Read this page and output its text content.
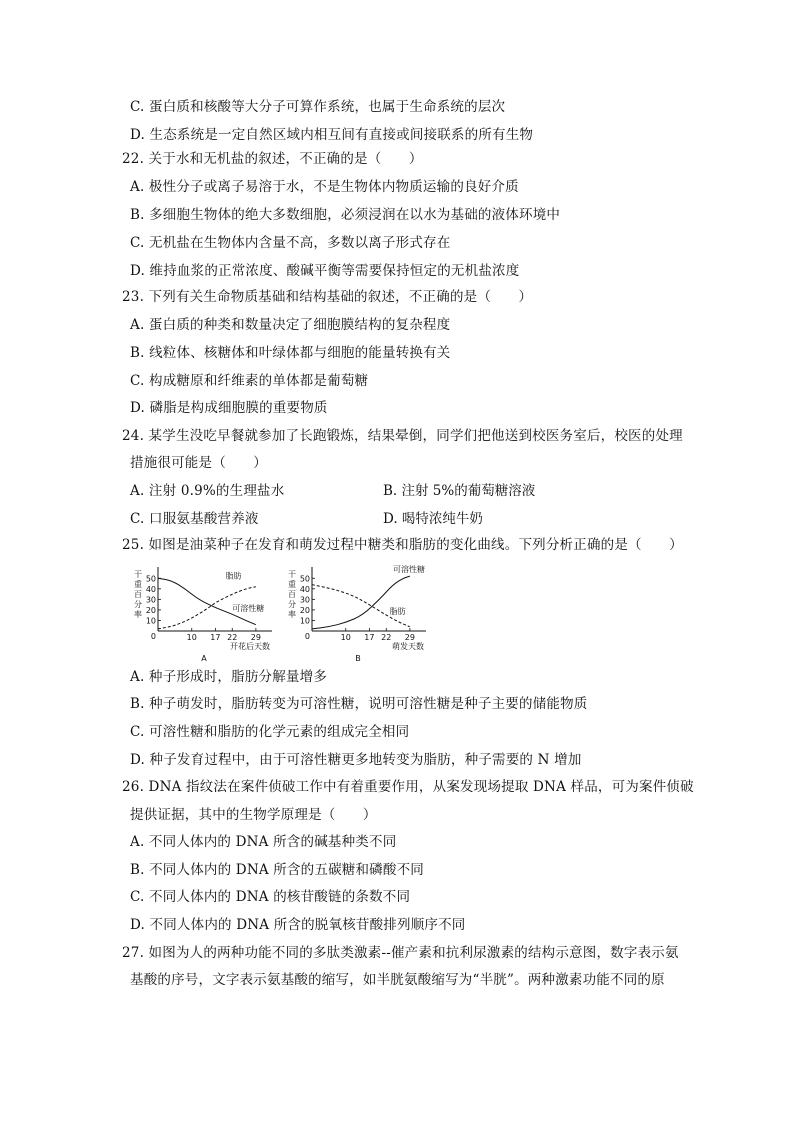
C. 蛋白质和核酸等大分子可算作系统，也属于生命系统的层次
D. 生态系统是一定自然区域内相互间有直接或间接联系的所有生物
22. 关于水和无机盐的叙述，不正确的是（　　）
A. 极性分子或离子易溶于水，不是生物体内物质运输的良好介质
B. 多细胞生物体的绝大多数细胞，必须浸润在以水为基础的液体环境中
C. 无机盐在生物体内含量不高，多数以离子形式存在
D. 维持血浆的正常浓度、酸碱平衡等需要保持恒定的无机盐浓度
23. 下列有关生命物质基础和结构基础的叙述，不正确的是（　　）
A. 蛋白质的种类和数量决定了细胞膜结构的复杂程度
B. 线粒体、核糖体和叶绿体都与细胞的能量转换有关
C. 构成糖原和纤维素的单体都是葡萄糖
D. 磷脂是构成细胞膜的重要物质
24. 某学生没吃早餐就参加了长跑锻炼，结果晕倒，同学们把他送到校医务室后，校医的处理
措施很可能是（　　）
A. 注射 0.9%的生理盐水	B. 注射 5%的葡萄糖溶液
C. 口服氨基酸营养液	D. 喝特浓纯牛奶
25. 如图是油菜种子在发育和萌发过程中糖类和脂肪的变化曲线。下列分析正确的是（　　）
10
20
30
40
50
干
重
百
分
率
0	10 17 22 29
开花后天数
A
脂肪
可溶性糖
10
20
30
40
50
干
重
百
分
率
0	10 17 22 29
萌发天数
B
可溶性糖
脂肪
A. 种子形成时，脂肪分解量增多
B. 种子萌发时，脂肪转变为可溶性糖，说明可溶性糖是种子主要的储能物质
C. 可溶性糖和脂肪的化学元素的组成完全相同
D. 种子发育过程中，由于可溶性糖更多地转变为脂肪，种子需要的 N 增加
26. DNA 指纹法在案件侦破工作中有着重要作用，从案发现场提取 DNA 样品，可为案件侦破
提供证据，其中的生物学原理是（　　）
A. 不同人体内的 DNA 所含的碱基种类不同
B. 不同人体内的 DNA 所含的五碳糖和磷酸不同
C. 不同人体内的 DNA 的核苷酸链的条数不同
D. 不同人体内的 DNA 所含的脱氧核苷酸排列顺序不同
27. 如图为人的两种功能不同的多肽类激素--催产素和抗利尿激素的结构示意图，数字表示氨
基酸的序号，文字表示氨基酸的缩写，如半胱氨酸缩写为“半胱”。两种激素功能不同的原
